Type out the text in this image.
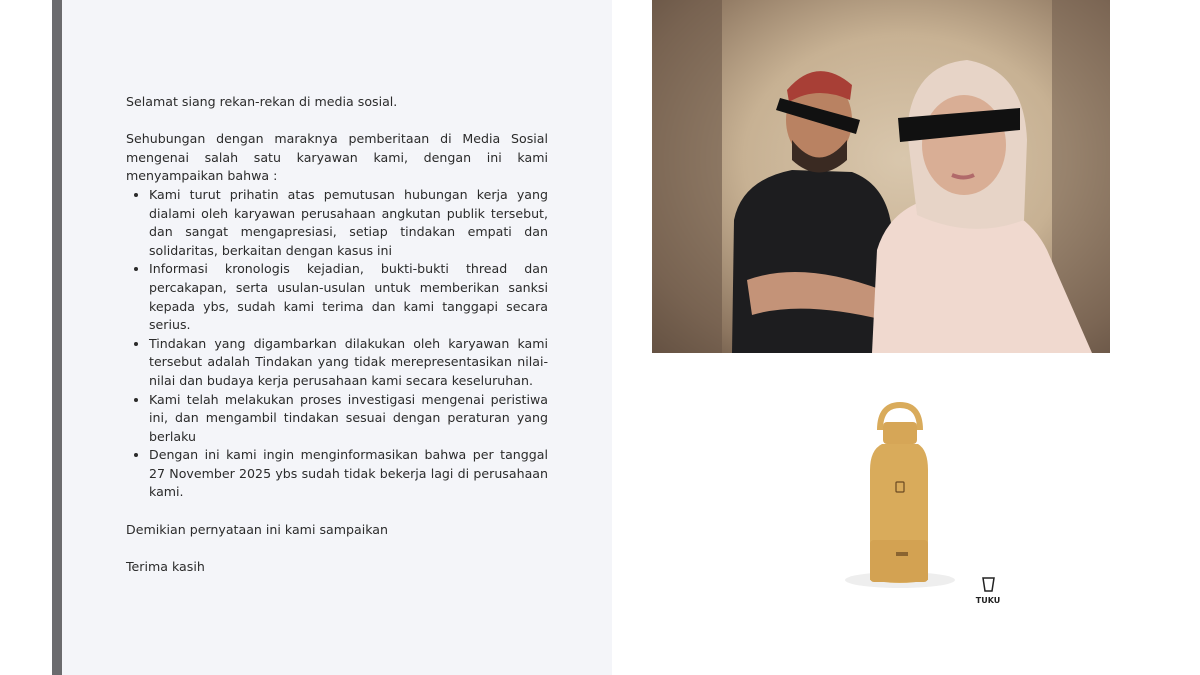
Selamat siang rekan-rekan di media sosial.

Sehubungan dengan maraknya pemberitaan di Media Sosial mengenai salah satu karyawan kami, dengan ini kami menyampaikan bahwa :

• Kami turut prihatin atas pemutusan hubungan kerja yang dialami oleh karyawan perusahaan angkutan publik tersebut, dan sangat mengapresiasi, setiap tindakan empati dan solidaritas, berkaitan dengan kasus ini
• Informasi kronologis kejadian, bukti-bukti thread dan percakapan, serta usulan-usulan untuk memberikan sanksi kepada ybs, sudah kami terima dan kami tanggapi secara serius.
• Tindakan yang digambarkan dilakukan oleh karyawan kami tersebut adalah Tindakan yang tidak merepresentasikan nilai-nilai dan budaya kerja perusahaan kami secara keseluruhan.
• Kami telah melakukan proses investigasi mengenai peristiwa ini, dan mengambil tindakan sesuai dengan peraturan yang berlaku
• Dengan ini kami ingin menginformasikan bahwa per tanggal 27 November 2025 ybs sudah tidak bekerja lagi di perusahaan kami.

Demikian pernyataan ini kami sampaikan

Terima kasih

TUKU
